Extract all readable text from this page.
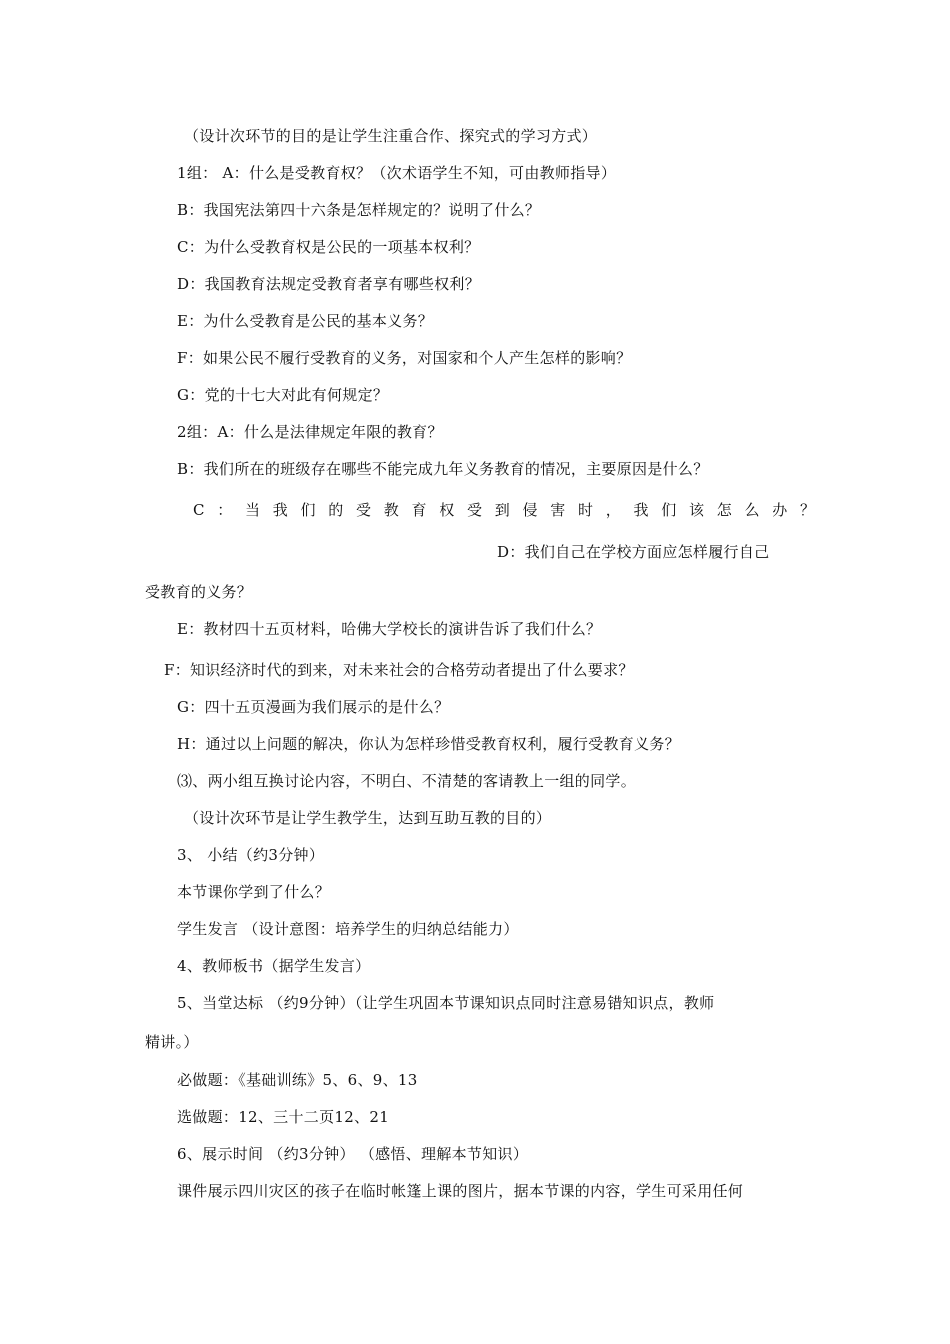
（设计次环节的目的是让学生注重合作、探究式的学习方式）

1组： A：什么是受教育权？（次术语学生不知，可由教师指导）

B：我国宪法第四十六条是怎样规定的？说明了什么？

C：为什么受教育权是公民的一项基本权利？

D：我国教育法规定受教育者享有哪些权利？

E：为什么受教育是公民的基本义务？

F：如果公民不履行受教育的义务，对国家和个人产生怎样的影响？

G：党的十七大对此有何规定？

2组：A：什么是法律规定年限的教育？

B：我们所在的班级存在哪些不能完成九年义务教育的情况，主要原因是什么？

C ： 当 我 们 的 受 教 育 权 受 到 侵 害 时 ， 我 们 该 怎 么 办 ？

D：我们自己在学校方面应怎样履行自己

受教育的义务？

E：教材四十五页材料，哈佛大学校长的演讲告诉了我们什么？

F：知识经济时代的到来，对未来社会的合格劳动者提出了什么要求？

G：四十五页漫画为我们展示的是什么？

H：通过以上问题的解决，你认为怎样珍惜受教育权利，履行受教育义务？

⑶、两小组互换讨论内容，不明白、不清楚的客请教上一组的同学。

（设计次环节是让学生教学生，达到互助互教的目的）

3、 小结（约3分钟）

本节课你学到了什么？

学生发言 （设计意图：培养学生的归纳总结能力）

4、教师板书（据学生发言）

5、当堂达标 （约9分钟）（让学生巩固本节课知识点同时注意易错知识点，教师

精讲。）

必做题：《基础训练》5、6、9、13

选做题：12、三十二页12、21

6、展示时间 （约3分钟） （感悟、理解本节知识）

课件展示四川灾区的孩子在临时帐篷上课的图片，据本节课的内容，学生可采用任何
